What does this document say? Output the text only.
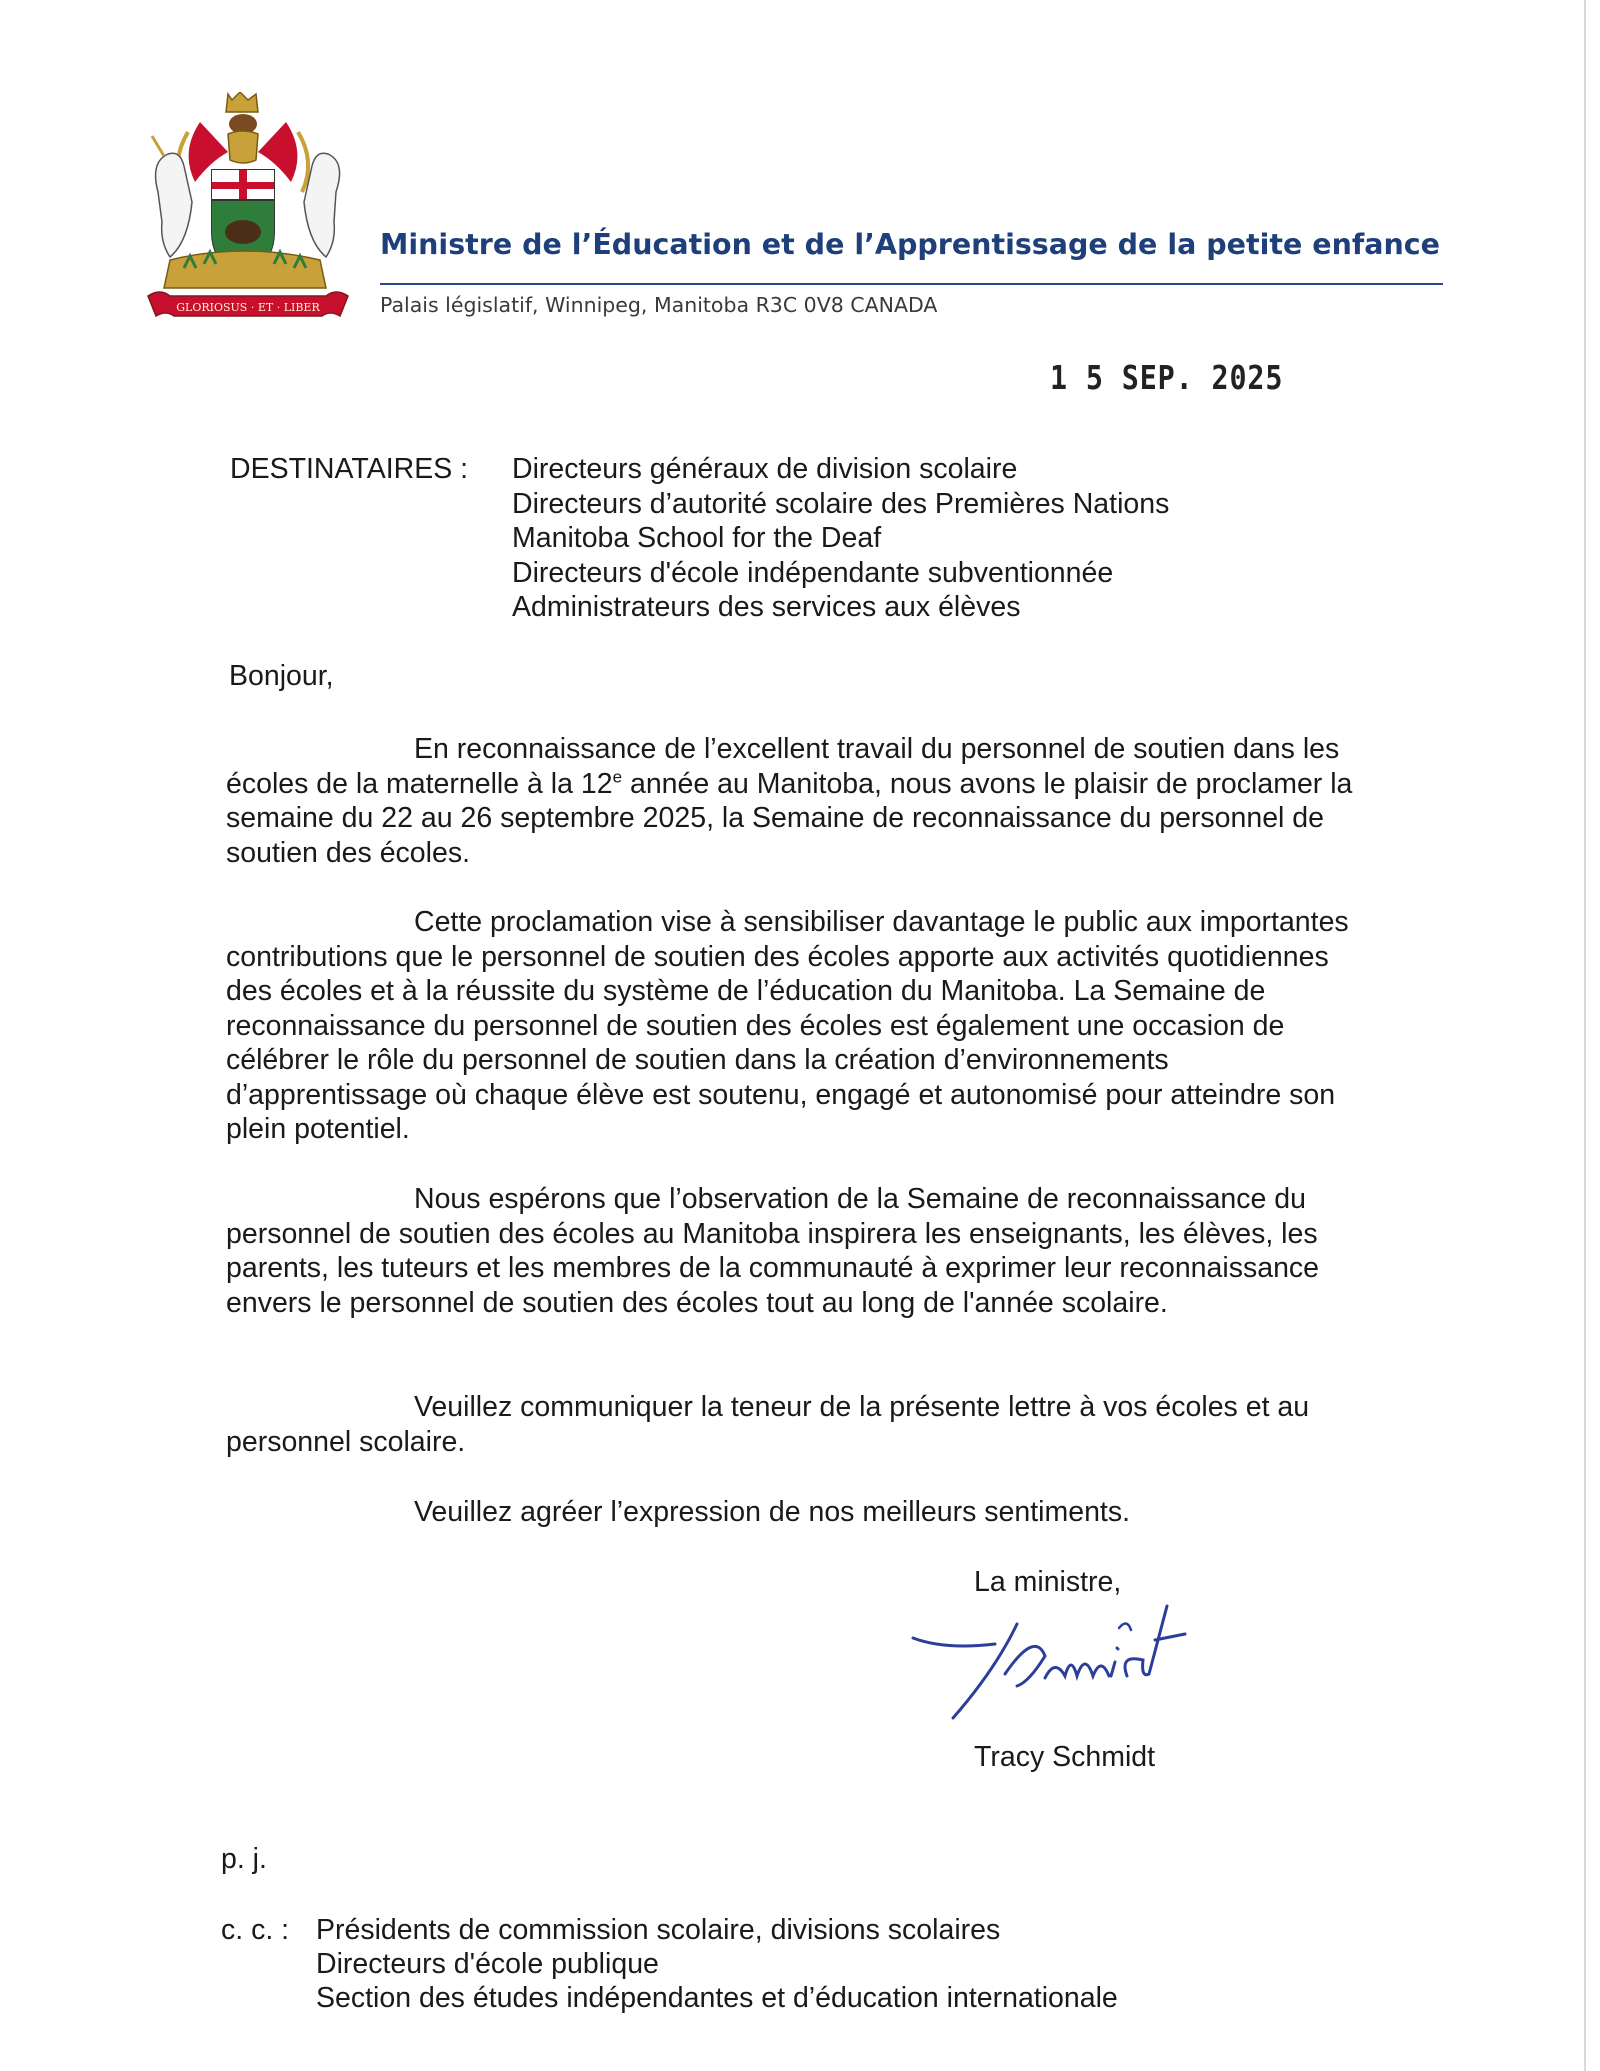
GLORIOSUS · ET · LIBER
Ministre de l’Éducation et de l’Apprentissage de la petite enfance
Palais législatif, Winnipeg, Manitoba R3C 0V8 CANADA
1 5 SEP. 2025
DESTINATAIRES : Directeurs généraux de division scolaire
Directeurs d’autorité scolaire des Premières Nations
Manitoba School for the Deaf
Directeurs d'école indépendante subventionnée
Administrateurs des services aux élèves
Bonjour,
En reconnaissance de l’excellent travail du personnel de soutien dans les écoles de la maternelle à la 12e année au Manitoba, nous avons le plaisir de proclamer la semaine du 22 au 26 septembre 2025, la Semaine de reconnaissance du personnel de soutien des écoles.
Cette proclamation vise à sensibiliser davantage le public aux importantes contributions que le personnel de soutien des écoles apporte aux activités quotidiennes des écoles et à la réussite du système de l’éducation du Manitoba. La Semaine de reconnaissance du personnel de soutien des écoles est également une occasion de célébrer le rôle du personnel de soutien dans la création d’environnements d’apprentissage où chaque élève est soutenu, engagé et autonomisé pour atteindre son plein potentiel.
Nous espérons que l’observation de la Semaine de reconnaissance du personnel de soutien des écoles au Manitoba inspirera les enseignants, les élèves, les parents, les tuteurs et les membres de la communauté à exprimer leur reconnaissance envers le personnel de soutien des écoles tout au long de l'année scolaire.
Veuillez communiquer la teneur de la présente lettre à vos écoles et au personnel scolaire.
Veuillez agréer l’expression de nos meilleurs sentiments.
La ministre,
Tracy Schmidt
p. j.
c. c. : Présidents de commission scolaire, divisions scolaires
Directeurs d'école publique
Section des études indépendantes et d’éducation internationale
